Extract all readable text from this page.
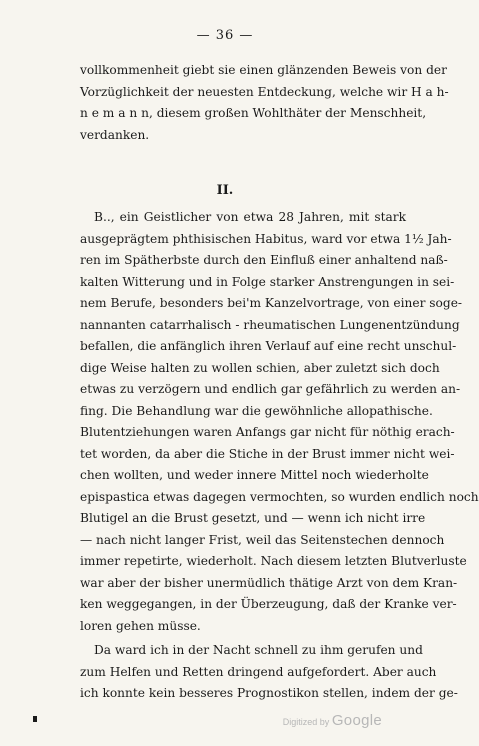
— 36 —
vollkommenheit giebt sie einen glänzenden Beweis von der
Vorzüglichkeit der neuesten Entdeckung, welche wir H a h-
n e m a n n, diesem großen Wohlthäter der Menschheit,
verdanken.
II.
B.., ein Geistlicher von etwa 28 Jahren, mit stark
ausgeprägtem phthisischen Habitus, ward vor etwa 1½ Jah-
ren im Spätherbste durch den Einfluß einer anhaltend naß-
kalten Witterung und in Folge starker Anstrengungen in sei-
nem Berufe, besonders bei'm Kanzelvortrage, von einer soge-
nannanten catarrhalisch - rheumatischen Lungenentzündung
befallen, die anfänglich ihren Verlauf auf eine recht unschul-
dige Weise halten zu wollen schien, aber zuletzt sich doch
etwas zu verzögern und endlich gar gefährlich zu werden an-
fing. Die Behandlung war die gewöhnliche allopathische.
Blutentziehungen waren Anfangs gar nicht für nöthig erach-
tet worden, da aber die Stiche in der Brust immer nicht wei-
chen wollten, und weder innere Mittel noch wiederholte
epispastica etwas dagegen vermochten, so wurden endlich noch
Blutigel an die Brust gesetzt, und — wenn ich nicht irre
— nach nicht langer Frist, weil das Seitenstechen dennoch
immer repetirte, wiederholt. Nach diesem letzten Blutverluste
war aber der bisher unermüdlich thätige Arzt von dem Kran-
ken weggegangen, in der Überzeugung, daß der Kranke ver-
loren gehen müsse.
Da ward ich in der Nacht schnell zu ihm gerufen und
zum Helfen und Retten dringend aufgefordert. Aber auch
ich konnte kein besseres Prognostikon stellen, indem der ge-
Digitized by Google
